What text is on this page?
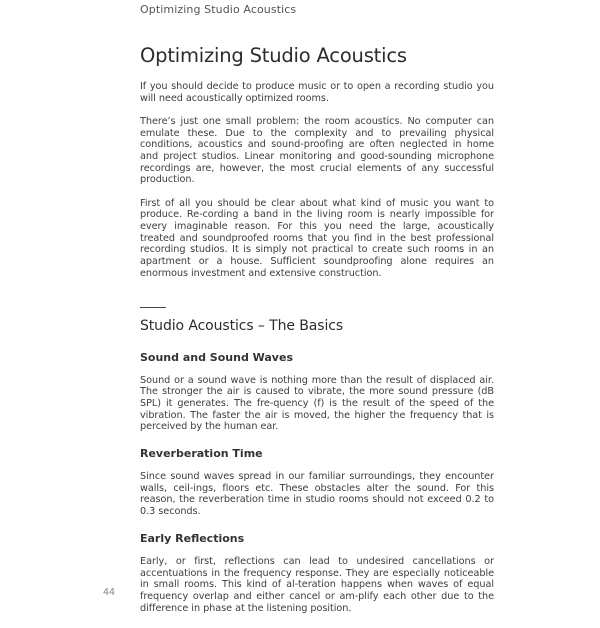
Optimizing Studio Acoustics
Optimizing Studio Acoustics

If you should decide to produce music or to open a recording studio you will need acoustically optimized rooms.

There’s just one small problem: the room acoustics. No computer can emulate these. Due to the complexity and to prevailing physical conditions, acoustics and sound-proofing are often neglected in home and project studios. Linear monitoring and good-sounding microphone recordings are, however, the most crucial elements of any successful production.

First of all you should be clear about what kind of music you want to produce. Re-cording a band in the living room is nearly impossible for every imaginable reason. For this you need the large, acoustically treated and soundproofed rooms that you find in the best professional recording studios. It is simply not practical to create such rooms in an apartment or a house. Sufficient soundproofing alone requires an enormous investment and extensive construction.

Studio Acoustics – The Basics
Sound and Sound Waves

Sound or a sound wave is nothing more than the result of displaced air. The stronger the air is caused to vibrate, the more sound pressure (dB SPL) it generates. The fre-quency (f) is the result of the speed of the vibration. The faster the air is moved, the higher the frequency that is perceived by the human ear.

Reverberation Time

Since sound waves spread in our familiar surroundings, they encounter walls, ceil-ings, floors etc. These obstacles alter the sound. For this reason, the reverberation time in studio rooms should not exceed 0.2 to 0.3 seconds.

Early Reflections

Early, or first, reflections can lead to undesired cancellations or accentuations in the frequency response. They are especially noticeable in small rooms. This kind of al-teration happens when waves of equal frequency overlap and either cancel or am-plify each other due to the difference in phase at the listening position.

44
